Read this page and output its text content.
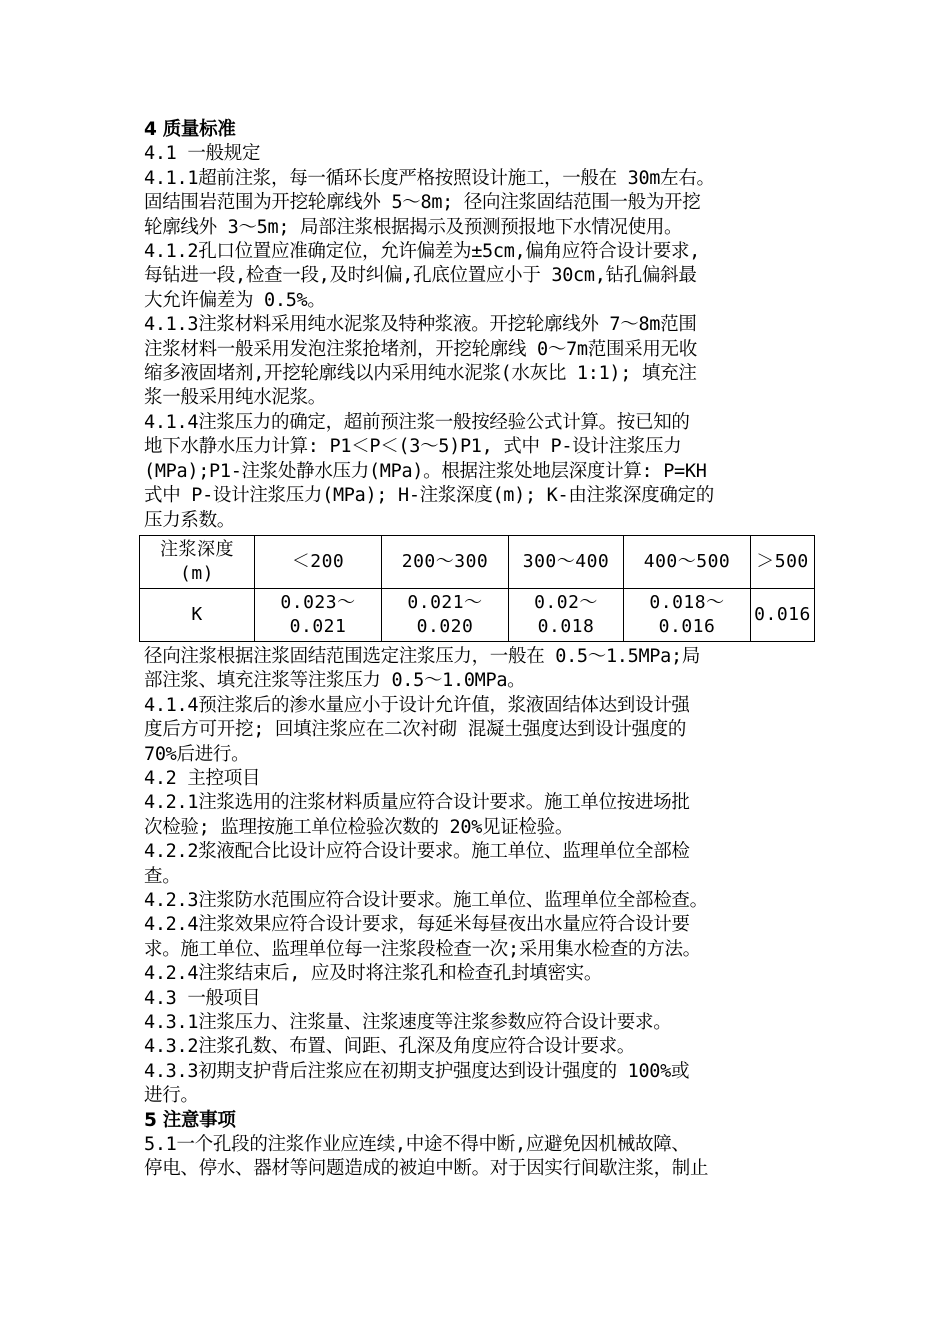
4 质量标准

4.1 一般规定

4.1.1超前注浆，每一循环长度严格按照设计施工，一般在 30m左右。

固结围岩范围为开挖轮廓线外 5～8m; 径向注浆固结范围一般为开挖

轮廓线外 3～5m; 局部注浆根据揭示及预测预报地下水情况使用。

4.1.2孔口位置应准确定位，允许偏差为±5cm,偏角应符合设计要求,

每钻进一段,检查一段,及时纠偏,孔底位置应小于 30cm,钻孔偏斜最

大允许偏差为 0.5%。

4.1.3注浆材料采用纯水泥浆及特种浆液。开挖轮廓线外 7～8m范围

注浆材料一般采用发泡注浆抢堵剂，开挖轮廓线 0～7m范围采用无收

缩多液固堵剂,开挖轮廓线以内采用纯水泥浆(水灰比 1:1); 填充注

浆一般采用纯水泥浆。

4.1.4注浆压力的确定，超前预注浆一般按经验公式计算。按已知的

地下水静水压力计算: P1＜P＜(3～5)P1, 式中 P-设计注浆压力

(MPa);P1-注浆处静水压力(MPa)。根据注浆处地层深度计算: P=KH

式中 P-设计注浆压力(MPa); H-注浆深度(m); K-由注浆深度确定的

压力系数。

注浆深度
(m)	＜200	200～300	300～400	400～500	＞500
K	0.023～
0.021	0.021～
0.020	0.02～
0.018	0.018～
0.016	0.016

径向注浆根据注浆固结范围选定注浆压力，一般在 0.5～1.5MPa;局

部注浆、填充注浆等注浆压力 0.5～1.0MPa。

4.1.4预注浆后的渗水量应小于设计允许值，浆液固结体达到设计强

度后方可开挖; 回填注浆应在二次衬砌 混凝土强度达到设计强度的

70%后进行。

4.2 主控项目

4.2.1注浆选用的注浆材料质量应符合设计要求。施工单位按进场批

次检验; 监理按施工单位检验次数的 20%见证检验。

4.2.2浆液配合比设计应符合设计要求。施工单位、监理单位全部检

查。

4.2.3注浆防水范围应符合设计要求。施工单位、监理单位全部检查。

4.2.4注浆效果应符合设计要求，每延米每昼夜出水量应符合设计要

求。施工单位、监理单位每一注浆段检查一次;采用集水检查的方法。

4.2.4注浆结束后, 应及时将注浆孔和检查孔封填密实。

4.3 一般项目

4.3.1注浆压力、注浆量、注浆速度等注浆参数应符合设计要求。

4.3.2注浆孔数、布置、间距、孔深及角度应符合设计要求。

4.3.3初期支护背后注浆应在初期支护强度达到设计强度的 100%或

进行。

5 注意事项

5.1一个孔段的注浆作业应连续,中途不得中断,应避免因机械故障、

停电、停水、器材等问题造成的被迫中断。对于因实行间歇注浆，制止
